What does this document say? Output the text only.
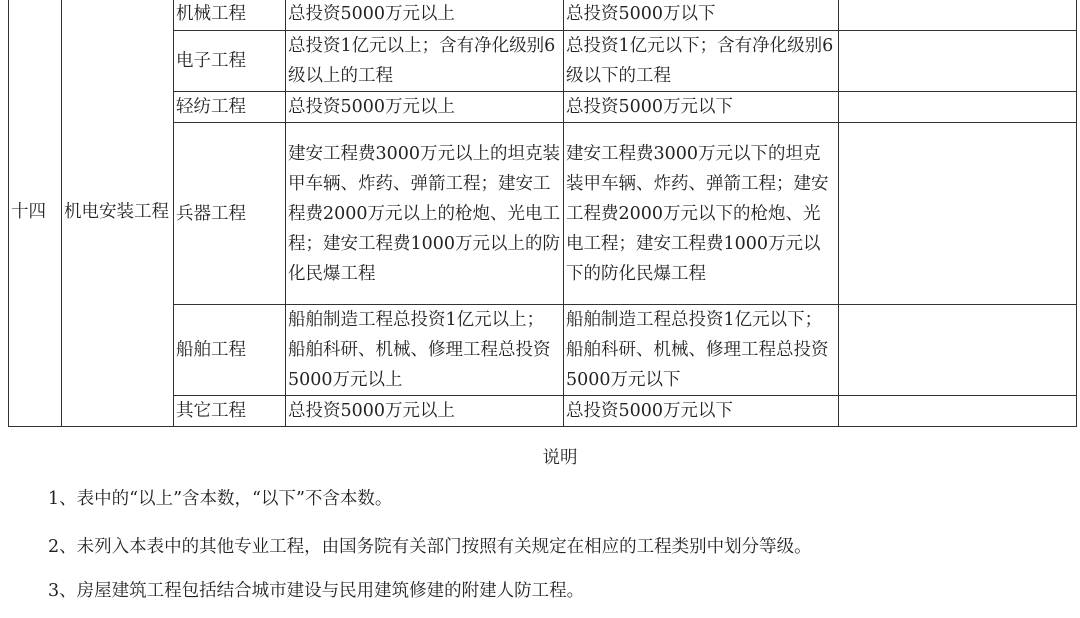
十四	机电安装工程	机械工程	总投资5000万元以上	总投资5000万以下	
		电子工程	总投资1亿元以上；含有净化级别6级以上的工程	总投资1亿元以下；含有净化级别6级以下的工程	
		轻纺工程	总投资5000万元以上	总投资5000万元以下	
		兵器工程	建安工程费3000万元以上的坦克装甲车辆、炸药、弹箭工程；建安工程费2000万元以上的枪炮、光电工程；建安工程费1000万元以上的防化民爆工程	建安工程费3000万元以下的坦克装甲车辆、炸药、弹箭工程；建安工程费2000万元以下的枪炮、光电工程；建安工程费1000万元以下的防化民爆工程	
		船舶工程	船舶制造工程总投资1亿元以上；船舶科研、机械、修理工程总投资5000万元以上	船舶制造工程总投资1亿元以下；船舶科研、机械、修理工程总投资5000万元以下	
		其它工程	总投资5000万元以上	总投资5000万元以下	
说明
1、表中的“以上”含本数，“以下”不含本数。
2、未列入本表中的其他专业工程，由国务院有关部门按照有关规定在相应的工程类别中划分等级。
3、房屋建筑工程包括结合城市建设与民用建筑修建的附建人防工程。
